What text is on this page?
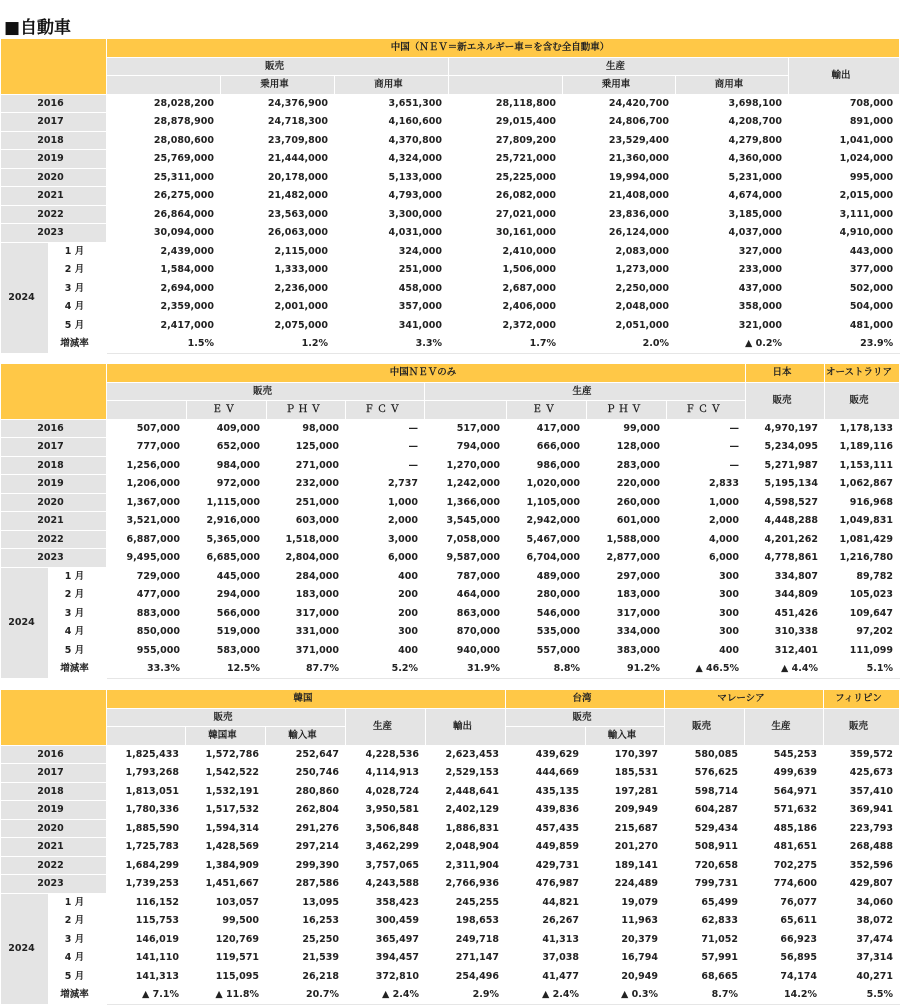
■自動車
		中国（ＮＥＶ＝新エネルギー車＝を含む全自動車）						
		販売			生産			輸出
			乗用車	商用車		乗用車	商用車	
2016		28,028,200	24,376,900	3,651,300	28,118,800	24,420,700	3,698,100	708,000
2017		28,878,900	24,718,300	4,160,600	29,015,400	24,806,700	4,208,700	891,000
2018		28,080,600	23,709,800	4,370,800	27,809,200	23,529,400	4,279,800	1,041,000
2019		25,769,000	21,444,000	4,324,000	25,721,000	21,360,000	4,360,000	1,024,000
2020		25,311,000	20,178,000	5,133,000	25,225,000	19,994,000	5,231,000	995,000
2021		26,275,000	21,482,000	4,793,000	26,082,000	21,408,000	4,674,000	2,015,000
2022		26,864,000	23,563,000	3,300,000	27,021,000	23,836,000	3,185,000	3,111,000
2023		30,094,000	26,063,000	4,031,000	30,161,000	26,124,000	4,037,000	4,910,000
2024	1 月	2,439,000	2,115,000	324,000	2,410,000	2,083,000	327,000	443,000
	2 月	1,584,000	1,333,000	251,000	1,506,000	1,273,000	233,000	377,000
	3 月	2,694,000	2,236,000	458,000	2,687,000	2,250,000	437,000	502,000
	4 月	2,359,000	2,001,000	357,000	2,406,000	2,048,000	358,000	504,000
	5 月	2,417,000	2,075,000	341,000	2,372,000	2,051,000	321,000	481,000
	増減率	1.5%	1.2%	3.3%	1.7%	2.0%	▲ 0.2%	23.9%
		中国ＮＥＶのみ								日本	オーストラリア
		販売				生産				販売	販売
			Ｅ Ｖ	Ｐ Ｈ Ｖ	Ｆ Ｃ Ｖ		Ｅ Ｖ	Ｐ Ｈ Ｖ	Ｆ Ｃ Ｖ		
2016		507,000	409,000	98,000	—	517,000	417,000	99,000	—	4,970,197	1,178,133
2017		777,000	652,000	125,000	—	794,000	666,000	128,000	—	5,234,095	1,189,116
2018		1,256,000	984,000	271,000	—	1,270,000	986,000	283,000	—	5,271,987	1,153,111
2019		1,206,000	972,000	232,000	2,737	1,242,000	1,020,000	220,000	2,833	5,195,134	1,062,867
2020		1,367,000	1,115,000	251,000	1,000	1,366,000	1,105,000	260,000	1,000	4,598,527	916,968
2021		3,521,000	2,916,000	603,000	2,000	3,545,000	2,942,000	601,000	2,000	4,448,288	1,049,831
2022		6,887,000	5,365,000	1,518,000	3,000	7,058,000	5,467,000	1,588,000	4,000	4,201,262	1,081,429
2023		9,495,000	6,685,000	2,804,000	6,000	9,587,000	6,704,000	2,877,000	6,000	4,778,861	1,216,780
2024	1 月	729,000	445,000	284,000	400	787,000	489,000	297,000	300	334,807	89,782
	2 月	477,000	294,000	183,000	200	464,000	280,000	183,000	300	344,809	105,023
	3 月	883,000	566,000	317,000	200	863,000	546,000	317,000	300	451,426	109,647
	4 月	850,000	519,000	331,000	300	870,000	535,000	334,000	300	310,338	97,202
	5 月	955,000	583,000	371,000	400	940,000	557,000	383,000	400	312,401	111,099
	増減率	33.3%	12.5%	87.7%	5.2%	31.9%	8.8%	91.2%	▲ 46.5%	▲ 4.4%	5.1%
		韓国					台湾		マレーシア		フィリピン
		販売			生産	輸出	販売		販売	生産	販売
			韓国車	輸入車				輸入車			
2016		1,825,433	1,572,786	252,647	4,228,536	2,623,453	439,629	170,397	580,085	545,253	359,572
2017		1,793,268	1,542,522	250,746	4,114,913	2,529,153	444,669	185,531	576,625	499,639	425,673
2018		1,813,051	1,532,191	280,860	4,028,724	2,448,641	435,135	197,281	598,714	564,971	357,410
2019		1,780,336	1,517,532	262,804	3,950,581	2,402,129	439,836	209,949	604,287	571,632	369,941
2020		1,885,590	1,594,314	291,276	3,506,848	1,886,831	457,435	215,687	529,434	485,186	223,793
2021		1,725,783	1,428,569	297,214	3,462,299	2,048,904	449,859	201,270	508,911	481,651	268,488
2022		1,684,299	1,384,909	299,390	3,757,065	2,311,904	429,731	189,141	720,658	702,275	352,596
2023		1,739,253	1,451,667	287,586	4,243,588	2,766,936	476,987	224,489	799,731	774,600	429,807
2024	1 月	116,152	103,057	13,095	358,423	245,255	44,821	19,079	65,499	76,077	34,060
	2 月	115,753	99,500	16,253	300,459	198,653	26,267	11,963	62,833	65,611	38,072
	3 月	146,019	120,769	25,250	365,497	249,718	41,313	20,379	71,052	66,923	37,474
	4 月	141,110	119,571	21,539	394,457	271,147	37,038	16,794	57,991	56,895	37,314
	5 月	141,313	115,095	26,218	372,810	254,496	41,477	20,949	68,665	74,174	40,271
	増減率	▲ 7.1%	▲ 11.8%	20.7%	▲ 2.4%	2.9%	▲ 2.4%	▲ 0.3%	8.7%	14.2%	5.5%
